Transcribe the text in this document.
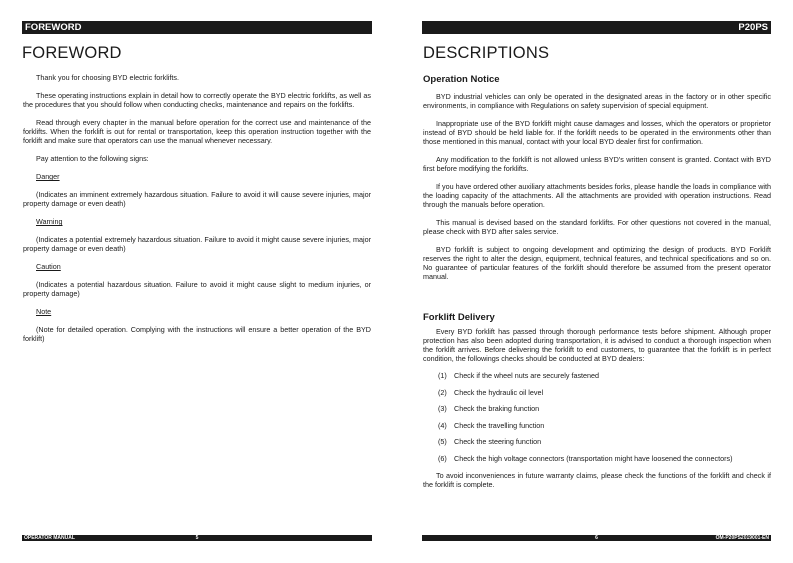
FOREWORD
FOREWORD

Thank you for choosing BYD electric forklifts.

These operating instructions explain in detail how to correctly operate the BYD electric forklifts, as well as the procedures that you should follow when conducting checks, maintenance and repairs on the forklifts.

Read through every chapter in the manual before operation for the correct use and maintenance of the forklifts. When the forklift is out for rental or transportation, keep this operation instruction together with the forklift and make sure that operators can use the manual whenever necessary.

Pay attention to the following signs:

Danger

(Indicates an imminent extremely hazardous situation. Failure to avoid it will cause severe injuries, major property damage or even death)

Warning

(Indicates a potential extremely hazardous situation. Failure to avoid it might cause severe injuries, major property damage or even death)

Caution

(Indicates a potential hazardous situation. Failure to avoid it might cause slight to medium injuries, or property damage)

Note

(Note for detailed operation. Complying with the instructions will ensure a better operation of the BYD forklift)

OPERATOR MANUAL	5
P20PS
DESCRIPTIONS
Operation Notice

BYD industrial vehicles can only be operated in the designated areas in the factory or in other specific environments, in compliance with Regulations on safety supervision of special equipment.

Inappropriate use of the BYD forklift might cause damages and losses, which the operators or proprietor instead of BYD should be held liable for. If the forklift needs to be operated in the environments other than those mentioned in this manual, contact with your local BYD dealer first for confirmation.

Any modification to the forklift is not allowed unless BYD's written consent is granted. Contact with BYD first before modifying the forklifts.

If you have ordered other auxiliary attachments besides forks, please handle the loads in compliance with the loading capacity of the attachments. All the attachments are provided with operation instructions. Read through the manuals before operation.

This manual is devised based on the standard forklifts. For other questions not covered in the manual, please check with BYD after sales service.

BYD forklift is subject to ongoing development and optimizing the design of products. BYD Forklift reserves the right to alter the design, equipment, technical features, and technical specifications and so on. No guarantee of particular features of the forklift should therefore be assumed from the present operator manual.

Forklift Delivery

Every BYD forklift has passed through thorough performance tests before shipment. Although proper protection has also been adopted during transportation, it is advised to conduct a thorough inspection when the forklift arrives. Before delivering the forklift to end customers, to guarantee that the forklift is in perfect condition, the followings checks should be conducted at BYD dealers:

(1) Check if the wheel nuts are securely fastened
(2) Check the hydraulic oil level
(3) Check the braking function
(4) Check the travelling function
(5) Check the steering function
(6) Check the high voltage connectors (transportation might have loosened the connectors)

To avoid inconveniences in future warranty claims, please check the functions of the forklift and check if the forklift is complete.

6	OM-P20PS2019001-EN
